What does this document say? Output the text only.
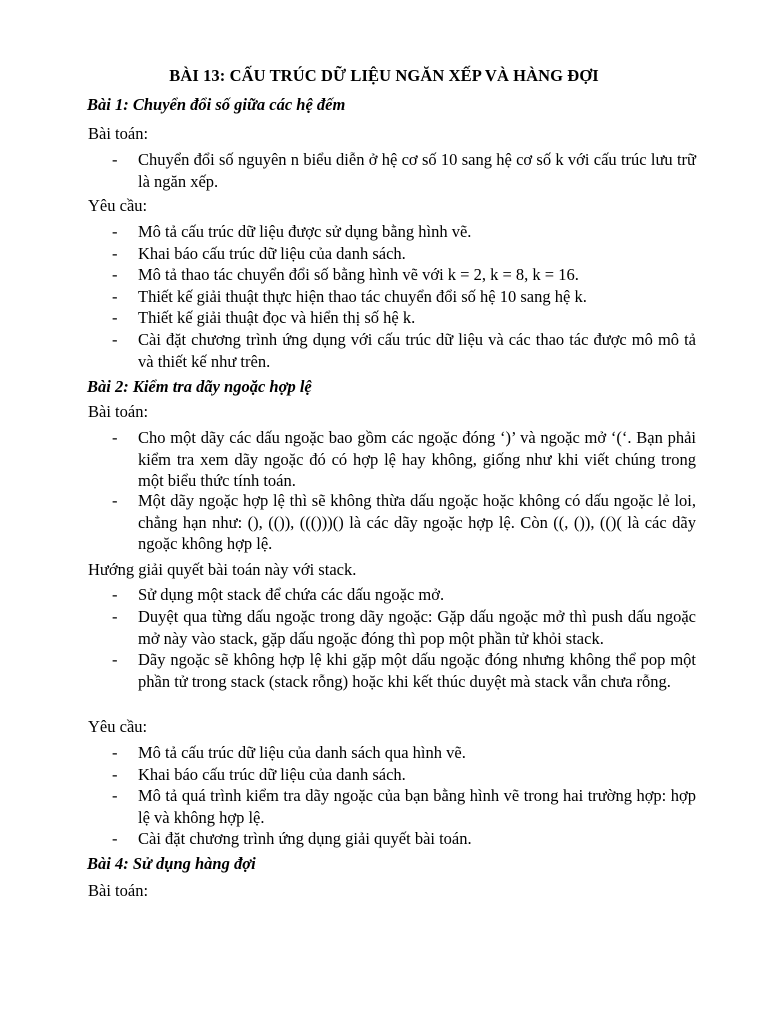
BÀI 13: CẤU TRÚC DỮ LIỆU NGĂN XẾP VÀ HÀNG ĐỢI
Bài 1: Chuyển đổi số giữa các hệ đếm
Bài toán:
- Chuyển đổi số nguyên n biểu diễn ở hệ cơ số 10 sang hệ cơ số k với cấu trúc lưu trữ là ngăn xếp.
Yêu cầu:
- Mô tả cấu trúc dữ liệu được sử dụng bằng hình vẽ.
- Khai báo cấu trúc dữ liệu của danh sách.
- Mô tả thao tác chuyển đổi số bằng hình vẽ với k = 2, k = 8, k = 16.
- Thiết kế giải thuật thực hiện thao tác chuyển đổi số hệ 10 sang hệ k.
- Thiết kế giải thuật đọc và hiển thị số hệ k.
- Cài đặt chương trình ứng dụng với cấu trúc dữ liệu và các thao tác được mô mô tả và thiết kế như trên.
Bài 2: Kiểm tra dãy ngoặc hợp lệ
Bài toán:
- Cho một dãy các dấu ngoặc bao gồm các ngoặc đóng ‘)’ và ngoặc mở ‘(‘. Bạn phải kiểm tra xem dãy ngoặc đó có hợp lệ hay không, giống như khi viết chúng trong một biểu thức tính toán.
- Một dãy ngoặc hợp lệ thì sẽ không thừa dấu ngoặc hoặc không có dấu ngoặc lẻ loi, chẳng hạn như: (), (()), ((()))() là các dãy ngoặc hợp lệ. Còn ((, ()), (()( là các dãy ngoặc không hợp lệ.
Hướng giải quyết bài toán này với stack.
- Sử dụng một stack để chứa các dấu ngoặc mở.
- Duyệt qua từng dấu ngoặc trong dãy ngoặc: Gặp dấu ngoặc mở thì push dấu ngoặc mở này vào stack, gặp dấu ngoặc đóng thì pop một phần tử khỏi stack.
- Dãy ngoặc sẽ không hợp lệ khi gặp một dấu ngoặc đóng nhưng không thể pop một phần tử trong stack (stack rỗng) hoặc khi kết thúc duyệt mà stack vẫn chưa rỗng.
Yêu cầu:
- Mô tả cấu trúc dữ liệu của danh sách qua hình vẽ.
- Khai báo cấu trúc dữ liệu của danh sách.
- Mô tả quá trình kiểm tra dãy ngoặc của bạn bằng hình vẽ trong hai trường hợp: hợp lệ và không hợp lệ.
- Cài đặt chương trình ứng dụng giải quyết bài toán.
Bài 4: Sử dụng hàng đợi
Bài toán:
